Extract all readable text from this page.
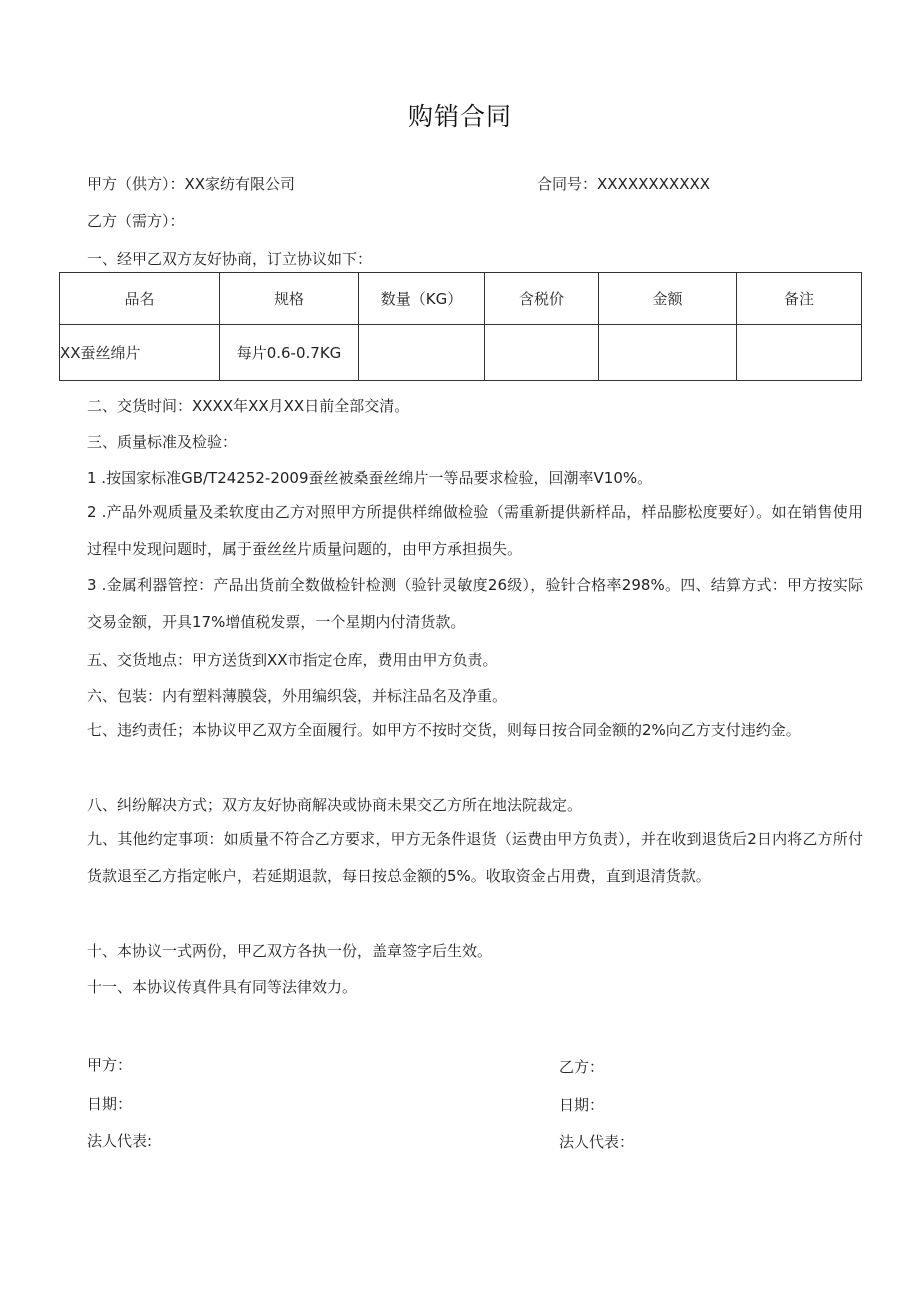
购销合同
甲方（供方）：XX家纺有限公司	合同号：XXXXXXXXXXX
乙方（需方）：
一、经甲乙双方友好协商，订立协议如下：
品名	规格	数量（KG）	含税价	金额	备注
XX蚕丝绵片	每片0.6-0.7KG				
二、交货时间：XXXX年XX月XX日前全部交清。
三、质量标准及检验：
1 .按国家标准GB/T24252-2009蚕丝被桑蚕丝绵片一等品要求检验，回潮率V10%。
2 .产品外观质量及柔软度由乙方对照甲方所提供样绵做检验（需重新提供新样品，样品膨松度要好）。如在销售使用过程中发现问题时，属于蚕丝丝片质量问题的，由甲方承担损失。
3 .金属利器管控：产品出货前全数做检针检测（验针灵敏度26级），验针合格率298%。四、结算方式：甲方按实际交易金额，开具17%增值税发票，一个星期内付清货款。
五、交货地点：甲方送货到XX市指定仓库，费用由甲方负责。
六、包装：内有塑料薄膜袋，外用编织袋，并标注品名及净重。
七、违约责任；本协议甲乙双方全面履行。如甲方不按时交货，则每日按合同金额的2%向乙方支付违约金。
八、纠纷解决方式；双方友好协商解决或协商未果交乙方所在地法院裁定。
九、其他约定事项：如质量不符合乙方要求，甲方无条件退货（运费由甲方负责），并在收到退货后2日内将乙方所付货款退至乙方指定帐户，若延期退款，每日按总金额的5%。收取资金占用费，直到退清货款。
十、本协议一式两份，甲乙双方各执一份，盖章签字后生效。
十一、本协议传真件具有同等法律效力。
甲方：
日期：
法人代表:
乙方：
日期：
法人代表：
